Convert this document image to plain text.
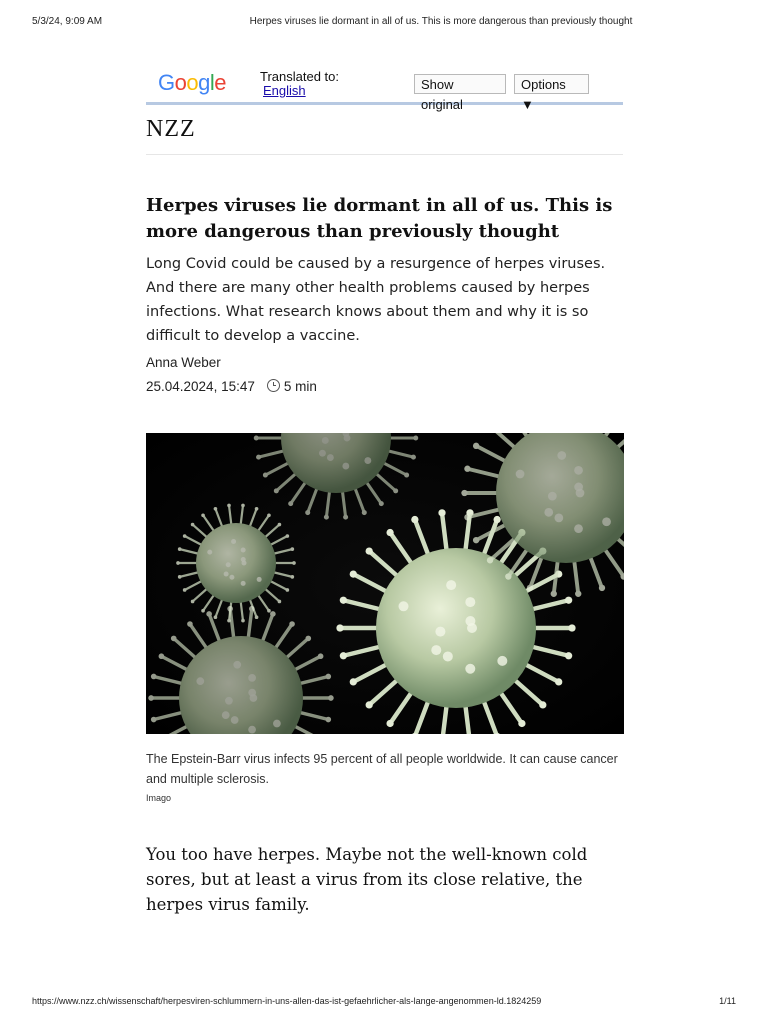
5/3/24, 9:09 AM	Herpes viruses lie dormant in all of us. This is more dangerous than previously thought
Google	Translated to:
English	Show original
Options ▼
NZZ
Herpes viruses lie dormant in all of us. This is more dangerous than previously thought

Long Covid could be caused by a resurgence of herpes viruses. And there are many other health problems caused by herpes infections. What research knows about them and why it is so difficult to develop a vaccine.

Anna Weber
25.04.2024, 15:47 5 min

The Epstein-Barr virus infects 95 percent of all people worldwide. It can cause cancer and multiple sclerosis.

Imago

You too have herpes. Maybe not the well-known cold sores, but at least a virus from its close relative, the herpes virus family.

https://www.nzz.ch/wissenschaft/herpesviren-schlummern-in-uns-allen-das-ist-gefaehrlicher-als-lange-angenommen-ld.1824259	1/11
